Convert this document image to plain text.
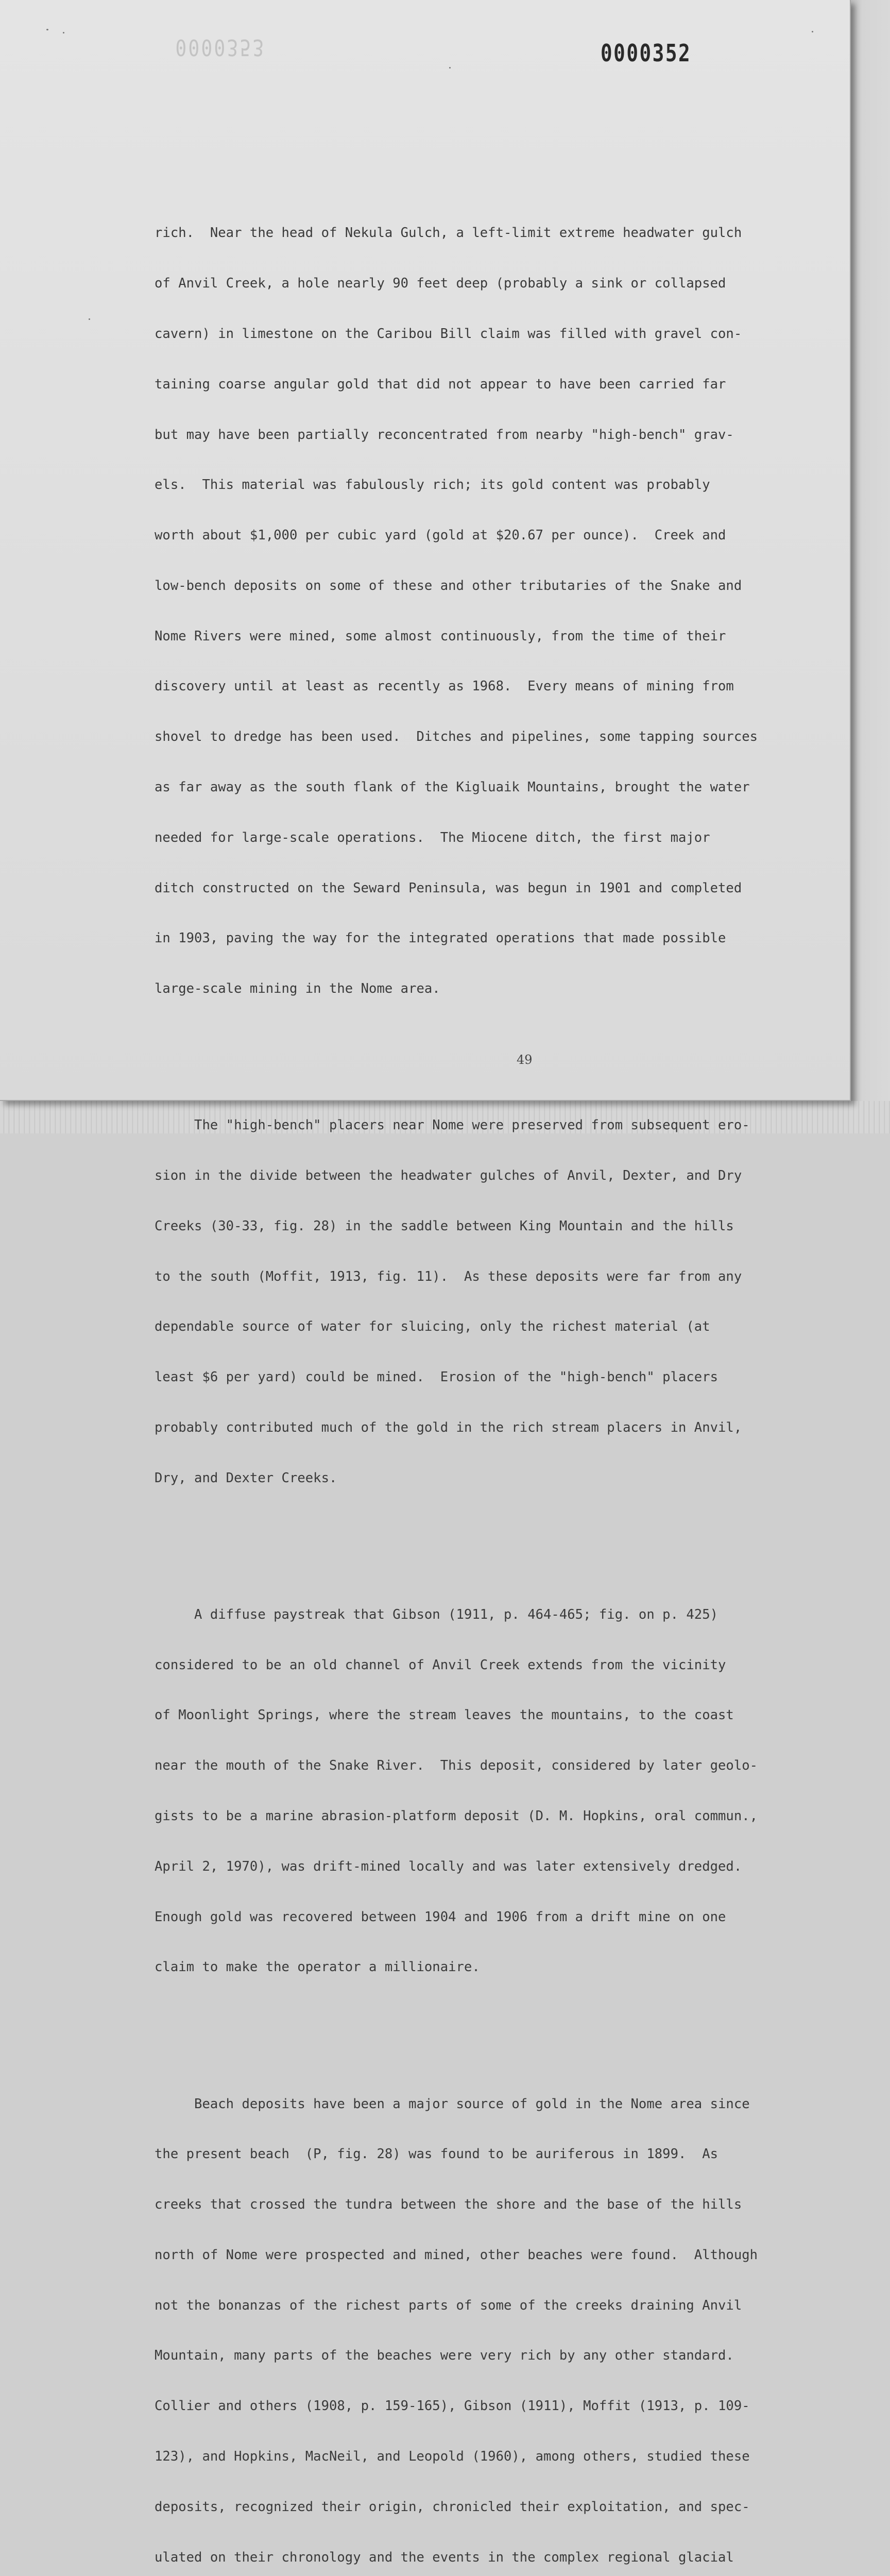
0000353	0000352

rich.  Near the head of Nekula Gulch, a left-limit extreme headwater gulch

of Anvil Creek, a hole nearly 90 feet deep (probably a sink or collapsed

cavern) in limestone on the Caribou Bill claim was filled with gravel con-

taining coarse angular gold that did not appear to have been carried far

but may have been partially reconcentrated from nearby "high-bench" grav-

els.  This material was fabulously rich; its gold content was probably

worth about $1,000 per cubic yard (gold at $20.67 per ounce).  Creek and

low-bench deposits on some of these and other tributaries of the Snake and

Nome Rivers were mined, some almost continuously, from the time of their

discovery until at least as recently as 1968.  Every means of mining from

shovel to dredge has been used.  Ditches and pipelines, some tapping sources

as far away as the south flank of the Kigluaik Mountains, brought the water

needed for large-scale operations.  The Miocene ditch, the first major

ditch constructed on the Seward Peninsula, was begun in 1901 and completed

in 1903, paving the way for the integrated operations that made possible

large-scale mining in the Nome area.

The "high-bench" placers near Nome were preserved from subsequent ero-

sion in the divide between the headwater gulches of Anvil, Dexter, and Dry

Creeks (30-33, fig. 28) in the saddle between King Mountain and the hills

to the south (Moffit, 1913, fig. 11).  As these deposits were far from any

dependable source of water for sluicing, only the richest material (at

least $6 per yard) could be mined.  Erosion of the "high-bench" placers

probably contributed much of the gold in the rich stream placers in Anvil,

Dry, and Dexter Creeks.

A diffuse paystreak that Gibson (1911, p. 464-465; fig. on p. 425)

considered to be an old channel of Anvil Creek extends from the vicinity

of Moonlight Springs, where the stream leaves the mountains, to the coast

near the mouth of the Snake River.  This deposit, considered by later geolo-

gists to be a marine abrasion-platform deposit (D. M. Hopkins, oral commun.,

April 2, 1970), was drift-mined locally and was later extensively dredged.

Enough gold was recovered between 1904 and 1906 from a drift mine on one

claim to make the operator a millionaire.

Beach deposits have been a major source of gold in the Nome area since

the present beach  (P, fig. 28) was found to be auriferous in 1899.  As

creeks that crossed the tundra between the shore and the base of the hills

north of Nome were prospected and mined, other beaches were found.  Although

not the bonanzas of the richest parts of some of the creeks draining Anvil

Mountain, many parts of the beaches were very rich by any other standard.

Collier and others (1908, p. 159-165), Gibson (1911), Moffit (1913, p. 109-

123), and Hopkins, MacNeil, and Leopold (1960), among others, studied these

deposits, recognized their origin, chronicled their exploitation, and spec-

ulated on their chronology and the events in the complex regional glacial

49
